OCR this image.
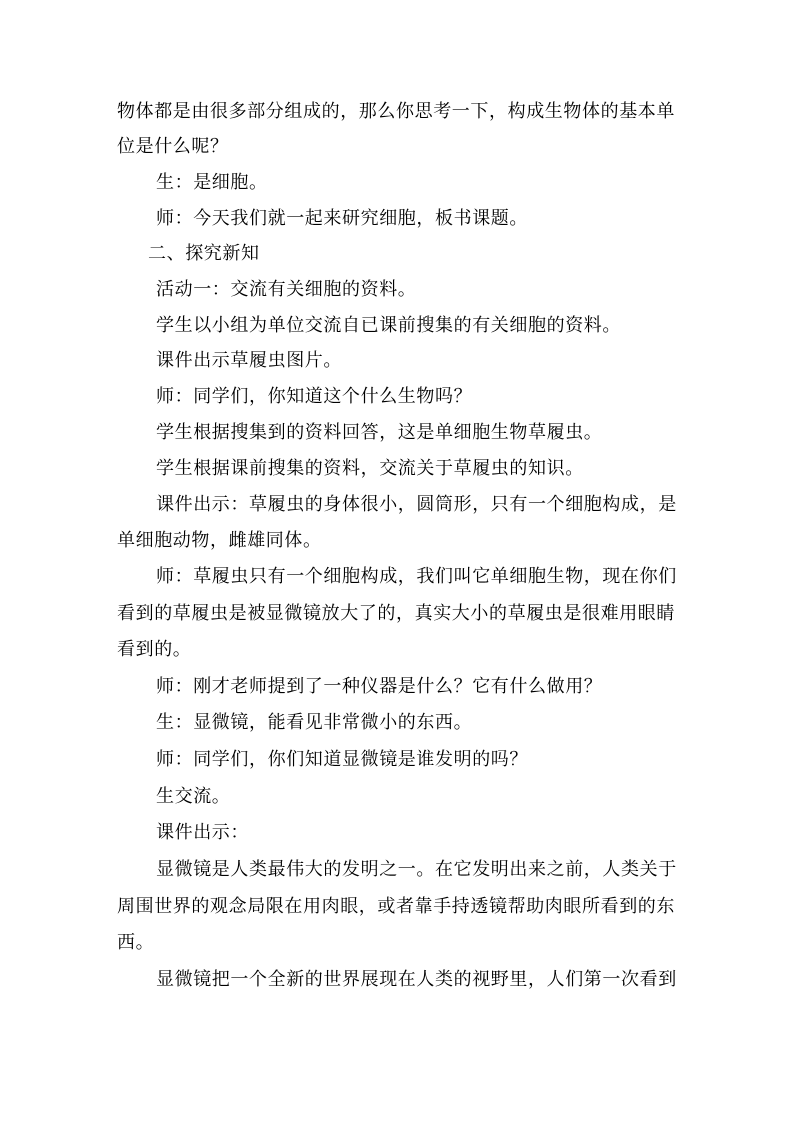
物体都是由很多部分组成的，那么你思考一下，构成生物体的基本单
位是什么呢？
生：是细胞。
师：今天我们就一起来研究细胞，板书课题。
二、探究新知
活动一：交流有关细胞的资料。
学生以小组为单位交流自已课前搜集的有关细胞的资料。
课件出示草履虫图片。
师：同学们，你知道这个什么生物吗？
学生根据搜集到的资料回答，这是单细胞生物草履虫。
学生根据课前搜集的资料，交流关于草履虫的知识。
课件出示：草履虫的身体很小，圆筒形，只有一个细胞构成，是
单细胞动物，雌雄同体。
师：草履虫只有一个细胞构成，我们叫它单细胞生物，现在你们
看到的草履虫是被显微镜放大了的，真实大小的草履虫是很难用眼睛
看到的。
师：刚才老师提到了一种仪器是什么？它有什么做用？
生：显微镜，能看见非常微小的东西。
师：同学们，你们知道显微镜是谁发明的吗？
生交流。
课件出示：
显微镜是人类最伟大的发明之一。在它发明出来之前，人类关于
周围世界的观念局限在用肉眼，或者靠手持透镜帮助肉眼所看到的东
西。
显微镜把一个全新的世界展现在人类的视野里，人们第一次看到
